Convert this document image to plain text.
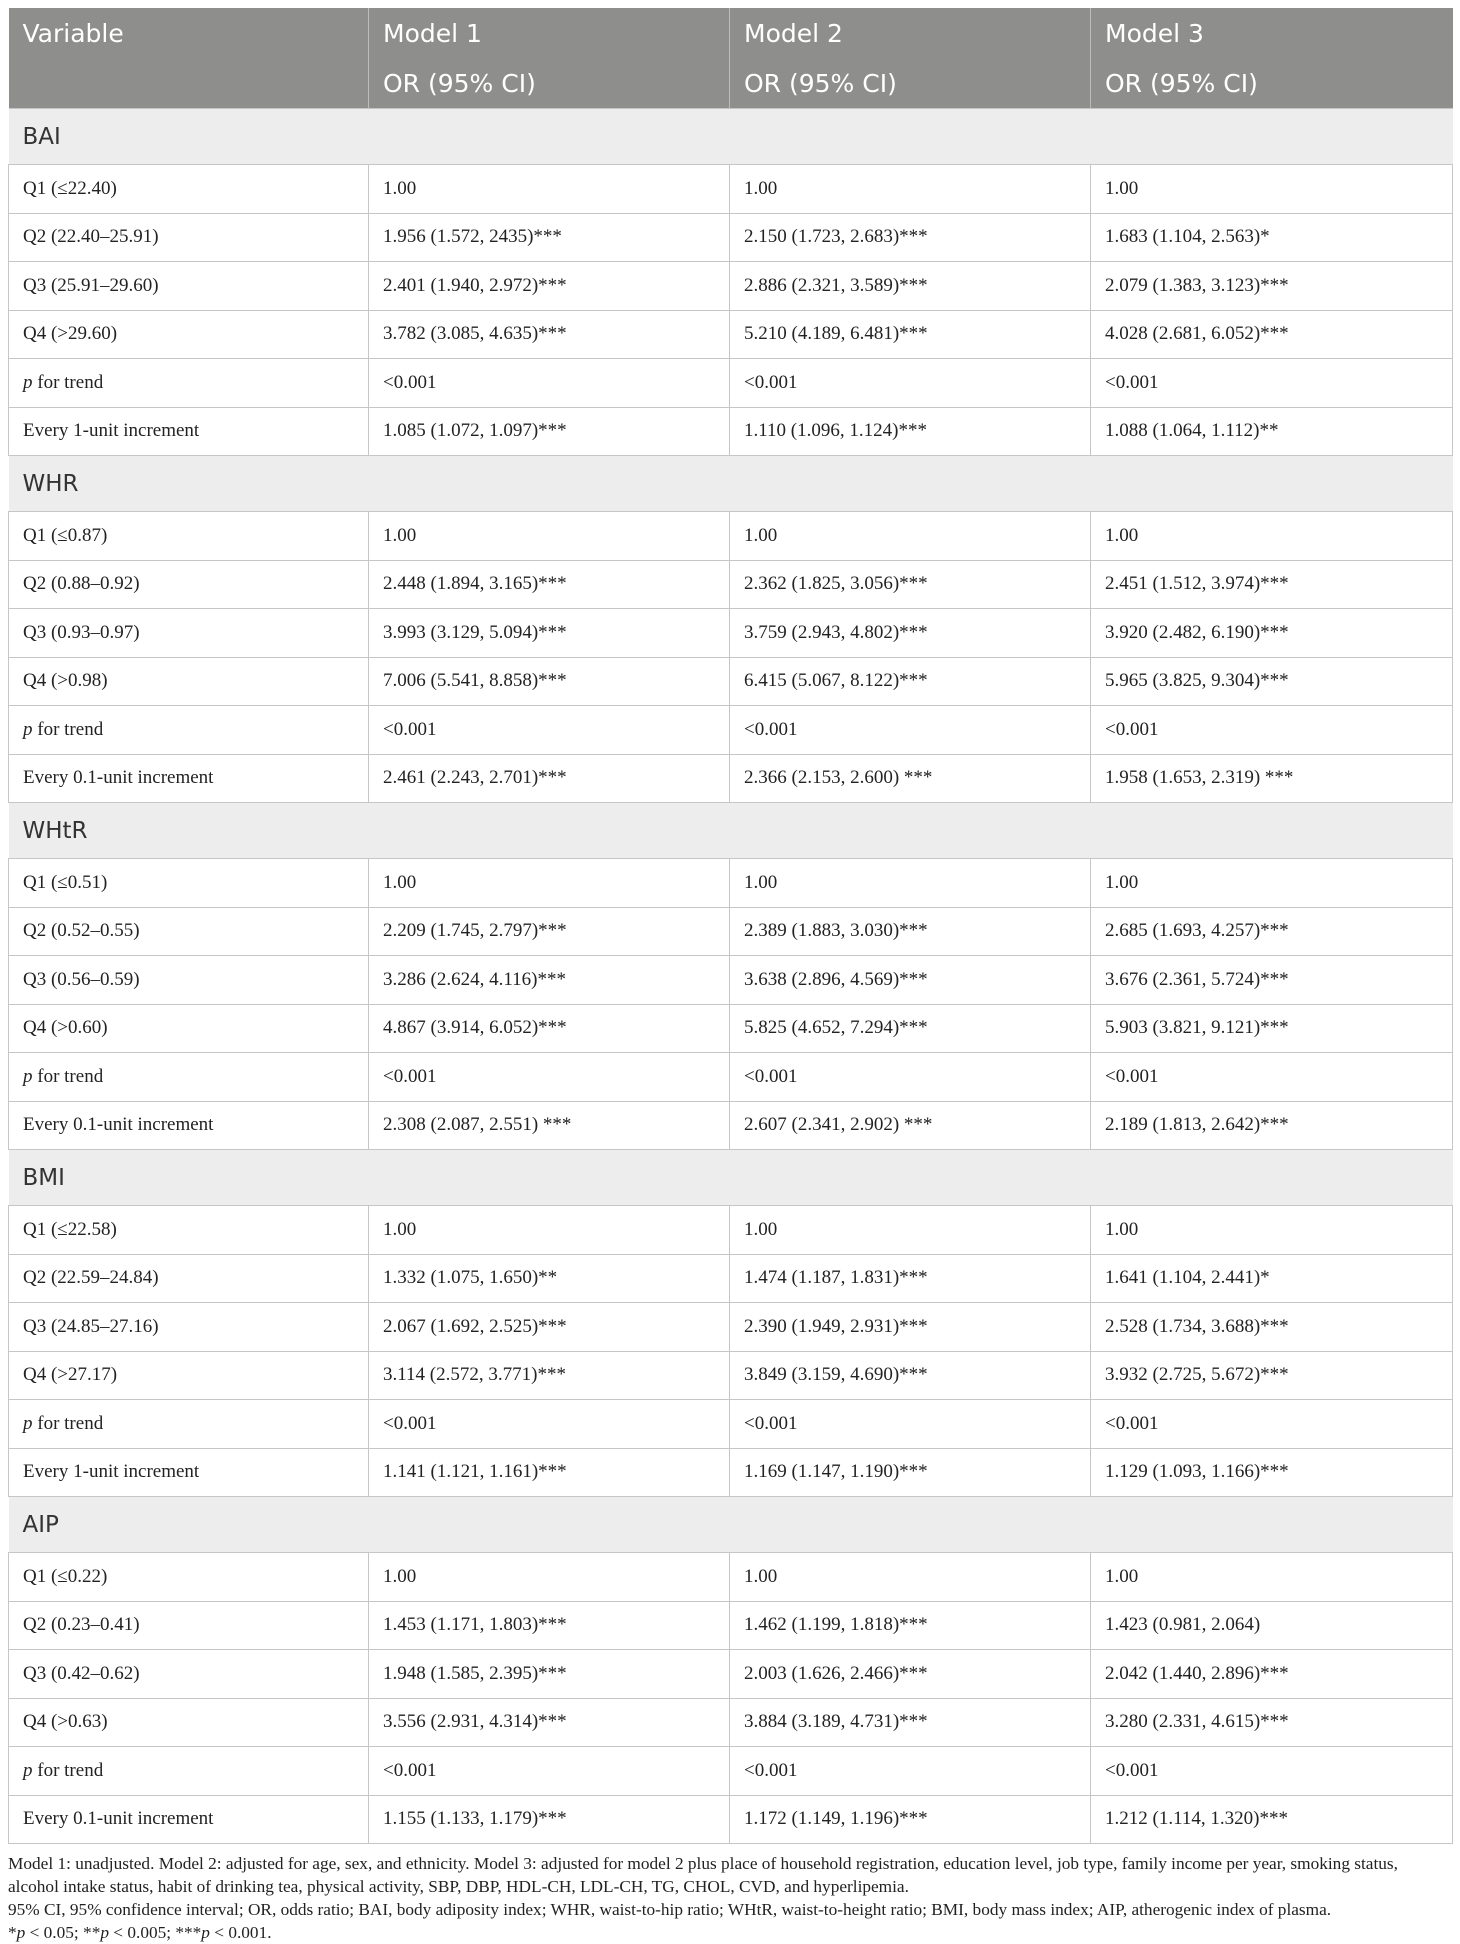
Variable	Model 1	Model 2	Model 3
	OR (95% CI)	OR (95% CI)	OR (95% CI)
BAI			
Q1 (≤22.40)	1.00	1.00	1.00
Q2 (22.40–25.91)	1.956 (1.572, 2435)***	2.150 (1.723, 2.683)***	1.683 (1.104, 2.563)*
Q3 (25.91–29.60)	2.401 (1.940, 2.972)***	2.886 (2.321, 3.589)***	2.079 (1.383, 3.123)***
Q4 (>29.60)	3.782 (3.085, 4.635)***	5.210 (4.189, 6.481)***	4.028 (2.681, 6.052)***
p for trend	<0.001	<0.001	<0.001
Every 1-unit increment	1.085 (1.072, 1.097)***	1.110 (1.096, 1.124)***	1.088 (1.064, 1.112)**
WHR			
Q1 (≤0.87)	1.00	1.00	1.00
Q2 (0.88–0.92)	2.448 (1.894, 3.165)***	2.362 (1.825, 3.056)***	2.451 (1.512, 3.974)***
Q3 (0.93–0.97)	3.993 (3.129, 5.094)***	3.759 (2.943, 4.802)***	3.920 (2.482, 6.190)***
Q4 (>0.98)	7.006 (5.541, 8.858)***	6.415 (5.067, 8.122)***	5.965 (3.825, 9.304)***
p for trend	<0.001	<0.001	<0.001
Every 0.1-unit increment	2.461 (2.243, 2.701)***	2.366 (2.153, 2.600) ***	1.958 (1.653, 2.319) ***
WHtR			
Q1 (≤0.51)	1.00	1.00	1.00
Q2 (0.52–0.55)	2.209 (1.745, 2.797)***	2.389 (1.883, 3.030)***	2.685 (1.693, 4.257)***
Q3 (0.56–0.59)	3.286 (2.624, 4.116)***	3.638 (2.896, 4.569)***	3.676 (2.361, 5.724)***
Q4 (>0.60)	4.867 (3.914, 6.052)***	5.825 (4.652, 7.294)***	5.903 (3.821, 9.121)***
p for trend	<0.001	<0.001	<0.001
Every 0.1-unit increment	2.308 (2.087, 2.551) ***	2.607 (2.341, 2.902) ***	2.189 (1.813, 2.642)***
BMI			
Q1 (≤22.58)	1.00	1.00	1.00
Q2 (22.59–24.84)	1.332 (1.075, 1.650)**	1.474 (1.187, 1.831)***	1.641 (1.104, 2.441)*
Q3 (24.85–27.16)	2.067 (1.692, 2.525)***	2.390 (1.949, 2.931)***	2.528 (1.734, 3.688)***
Q4 (>27.17)	3.114 (2.572, 3.771)***	3.849 (3.159, 4.690)***	3.932 (2.725, 5.672)***
p for trend	<0.001	<0.001	<0.001
Every 1-unit increment	1.141 (1.121, 1.161)***	1.169 (1.147, 1.190)***	1.129 (1.093, 1.166)***
AIP			
Q1 (≤0.22)	1.00	1.00	1.00
Q2 (0.23–0.41)	1.453 (1.171, 1.803)***	1.462 (1.199, 1.818)***	1.423 (0.981, 2.064)
Q3 (0.42–0.62)	1.948 (1.585, 2.395)***	2.003 (1.626, 2.466)***	2.042 (1.440, 2.896)***
Q4 (>0.63)	3.556 (2.931, 4.314)***	3.884 (3.189, 4.731)***	3.280 (2.331, 4.615)***
p for trend	<0.001	<0.001	<0.001
Every 0.1-unit increment	1.155 (1.133, 1.179)***	1.172 (1.149, 1.196)***	1.212 (1.114, 1.320)***

Model 1: unadjusted. Model 2: adjusted for age, sex, and ethnicity. Model 3: adjusted for model 2 plus place of household registration, education level, job type, family income per year, smoking status, alcohol intake status, habit of drinking tea, physical activity, SBP, DBP, HDL-CH, LDL-CH, TG, CHOL, CVD, and hyperlipemia.

95% CI, 95% confidence interval; OR, odds ratio; BAI, body adiposity index; WHR, waist-to-hip ratio; WHtR, waist-to-height ratio; BMI, body mass index; AIP, atherogenic index of plasma.

*p < 0.05; **p < 0.005; ***p < 0.001.
